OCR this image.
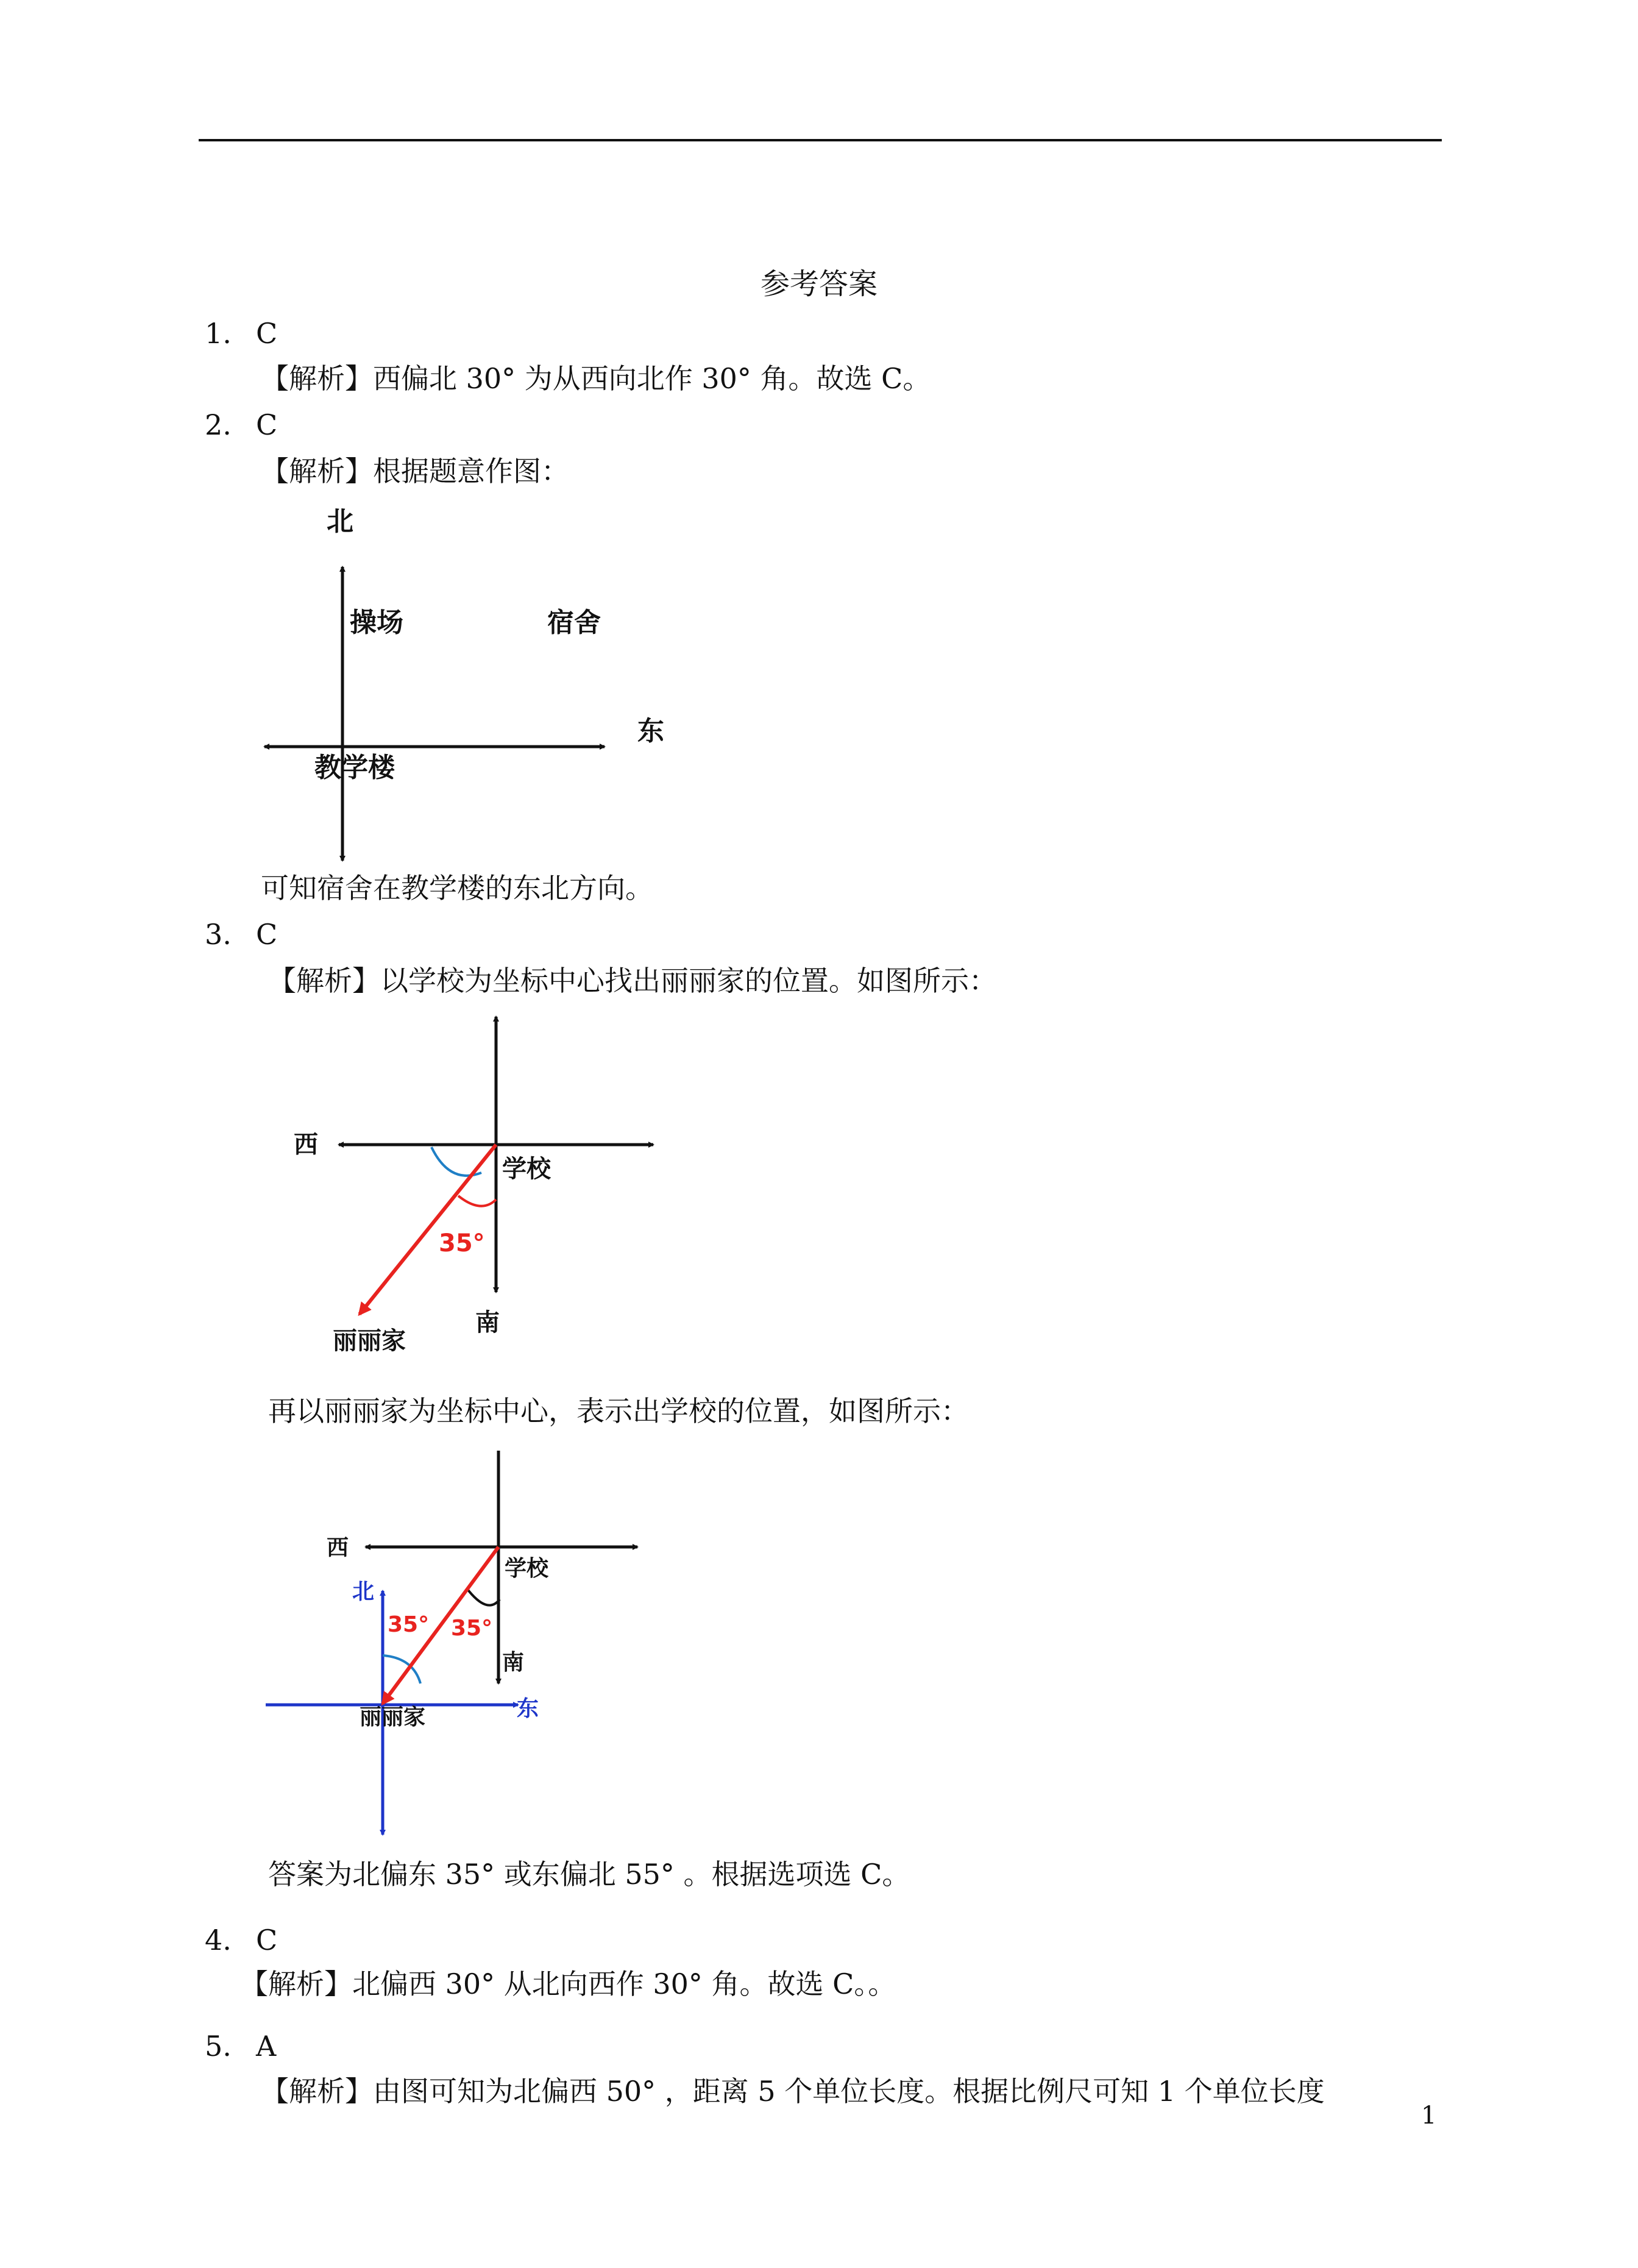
参考答案
1. C
【解析】西偏北 30° 为从西向北作 30° 角。故选 C。
2. C
【解析】根据题意作图：
北
操场	宿舍
东
教学楼
可知宿舍在教学楼的东北方向。
3. C
【解析】以学校为坐标中心找出丽丽家的位置。如图所示：
西
学校
35°
南
丽丽家
再以丽丽家为坐标中心，表示出学校的位置，如图所示：
西
学校
北
35° 35°
南
丽丽家	东
答案为北偏东 35° 或东偏北 55° 。根据选项选 C。
4. C
【解析】北偏西 30° 从北向西作 30° 角。故选 C。。
5. A
【解析】由图可知为北偏西 50° ，距离 5 个单位长度。根据比例尺可知 1 个单位长度
1
